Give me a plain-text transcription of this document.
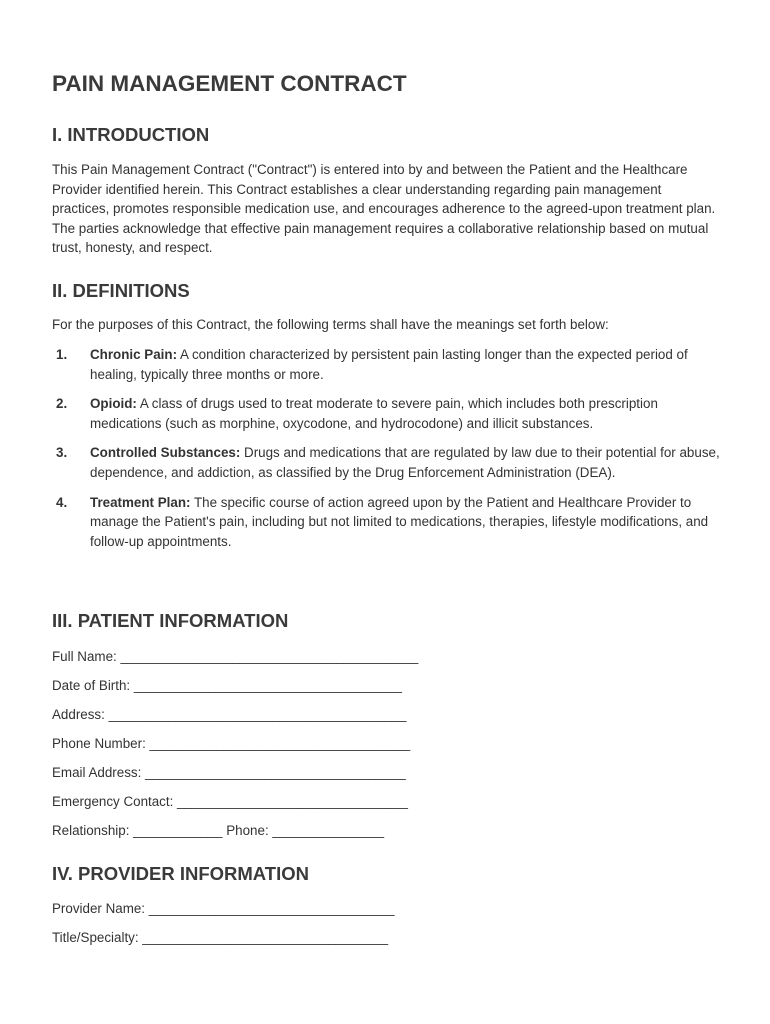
PAIN MANAGEMENT CONTRACT
I. INTRODUCTION

This Pain Management Contract ("Contract") is entered into by and between the Patient and the Healthcare Provider identified herein. This Contract establishes a clear understanding regarding pain management practices, promotes responsible medication use, and encourages adherence to the agreed-upon treatment plan. The parties acknowledge that effective pain management requires a collaborative relationship based on mutual trust, honesty, and respect.

II. DEFINITIONS

For the purposes of this Contract, the following terms shall have the meanings set forth below:

1. Chronic Pain: A condition characterized by persistent pain lasting longer than the expected period of healing, typically three months or more.
2. Opioid: A class of drugs used to treat moderate to severe pain, which includes both prescription medications (such as morphine, oxycodone, and hydrocodone) and illicit substances.
3. Controlled Substances: Drugs and medications that are regulated by law due to their potential for abuse, dependence, and addiction, as classified by the Drug Enforcement Administration (DEA).
4. Treatment Plan: The specific course of action agreed upon by the Patient and Healthcare Provider to manage the Patient's pain, including but not limited to medications, therapies, lifestyle modifications, and follow-up appointments.
III. PATIENT INFORMATION

Full Name: ________________________________________

Date of Birth: ____________________________________

Address: ________________________________________

Phone Number: ___________________________________

Email Address: ___________________________________

Emergency Contact: _______________________________

Relationship: ____________ Phone: _______________

IV. PROVIDER INFORMATION

Provider Name: _________________________________

Title/Specialty: _________________________________
